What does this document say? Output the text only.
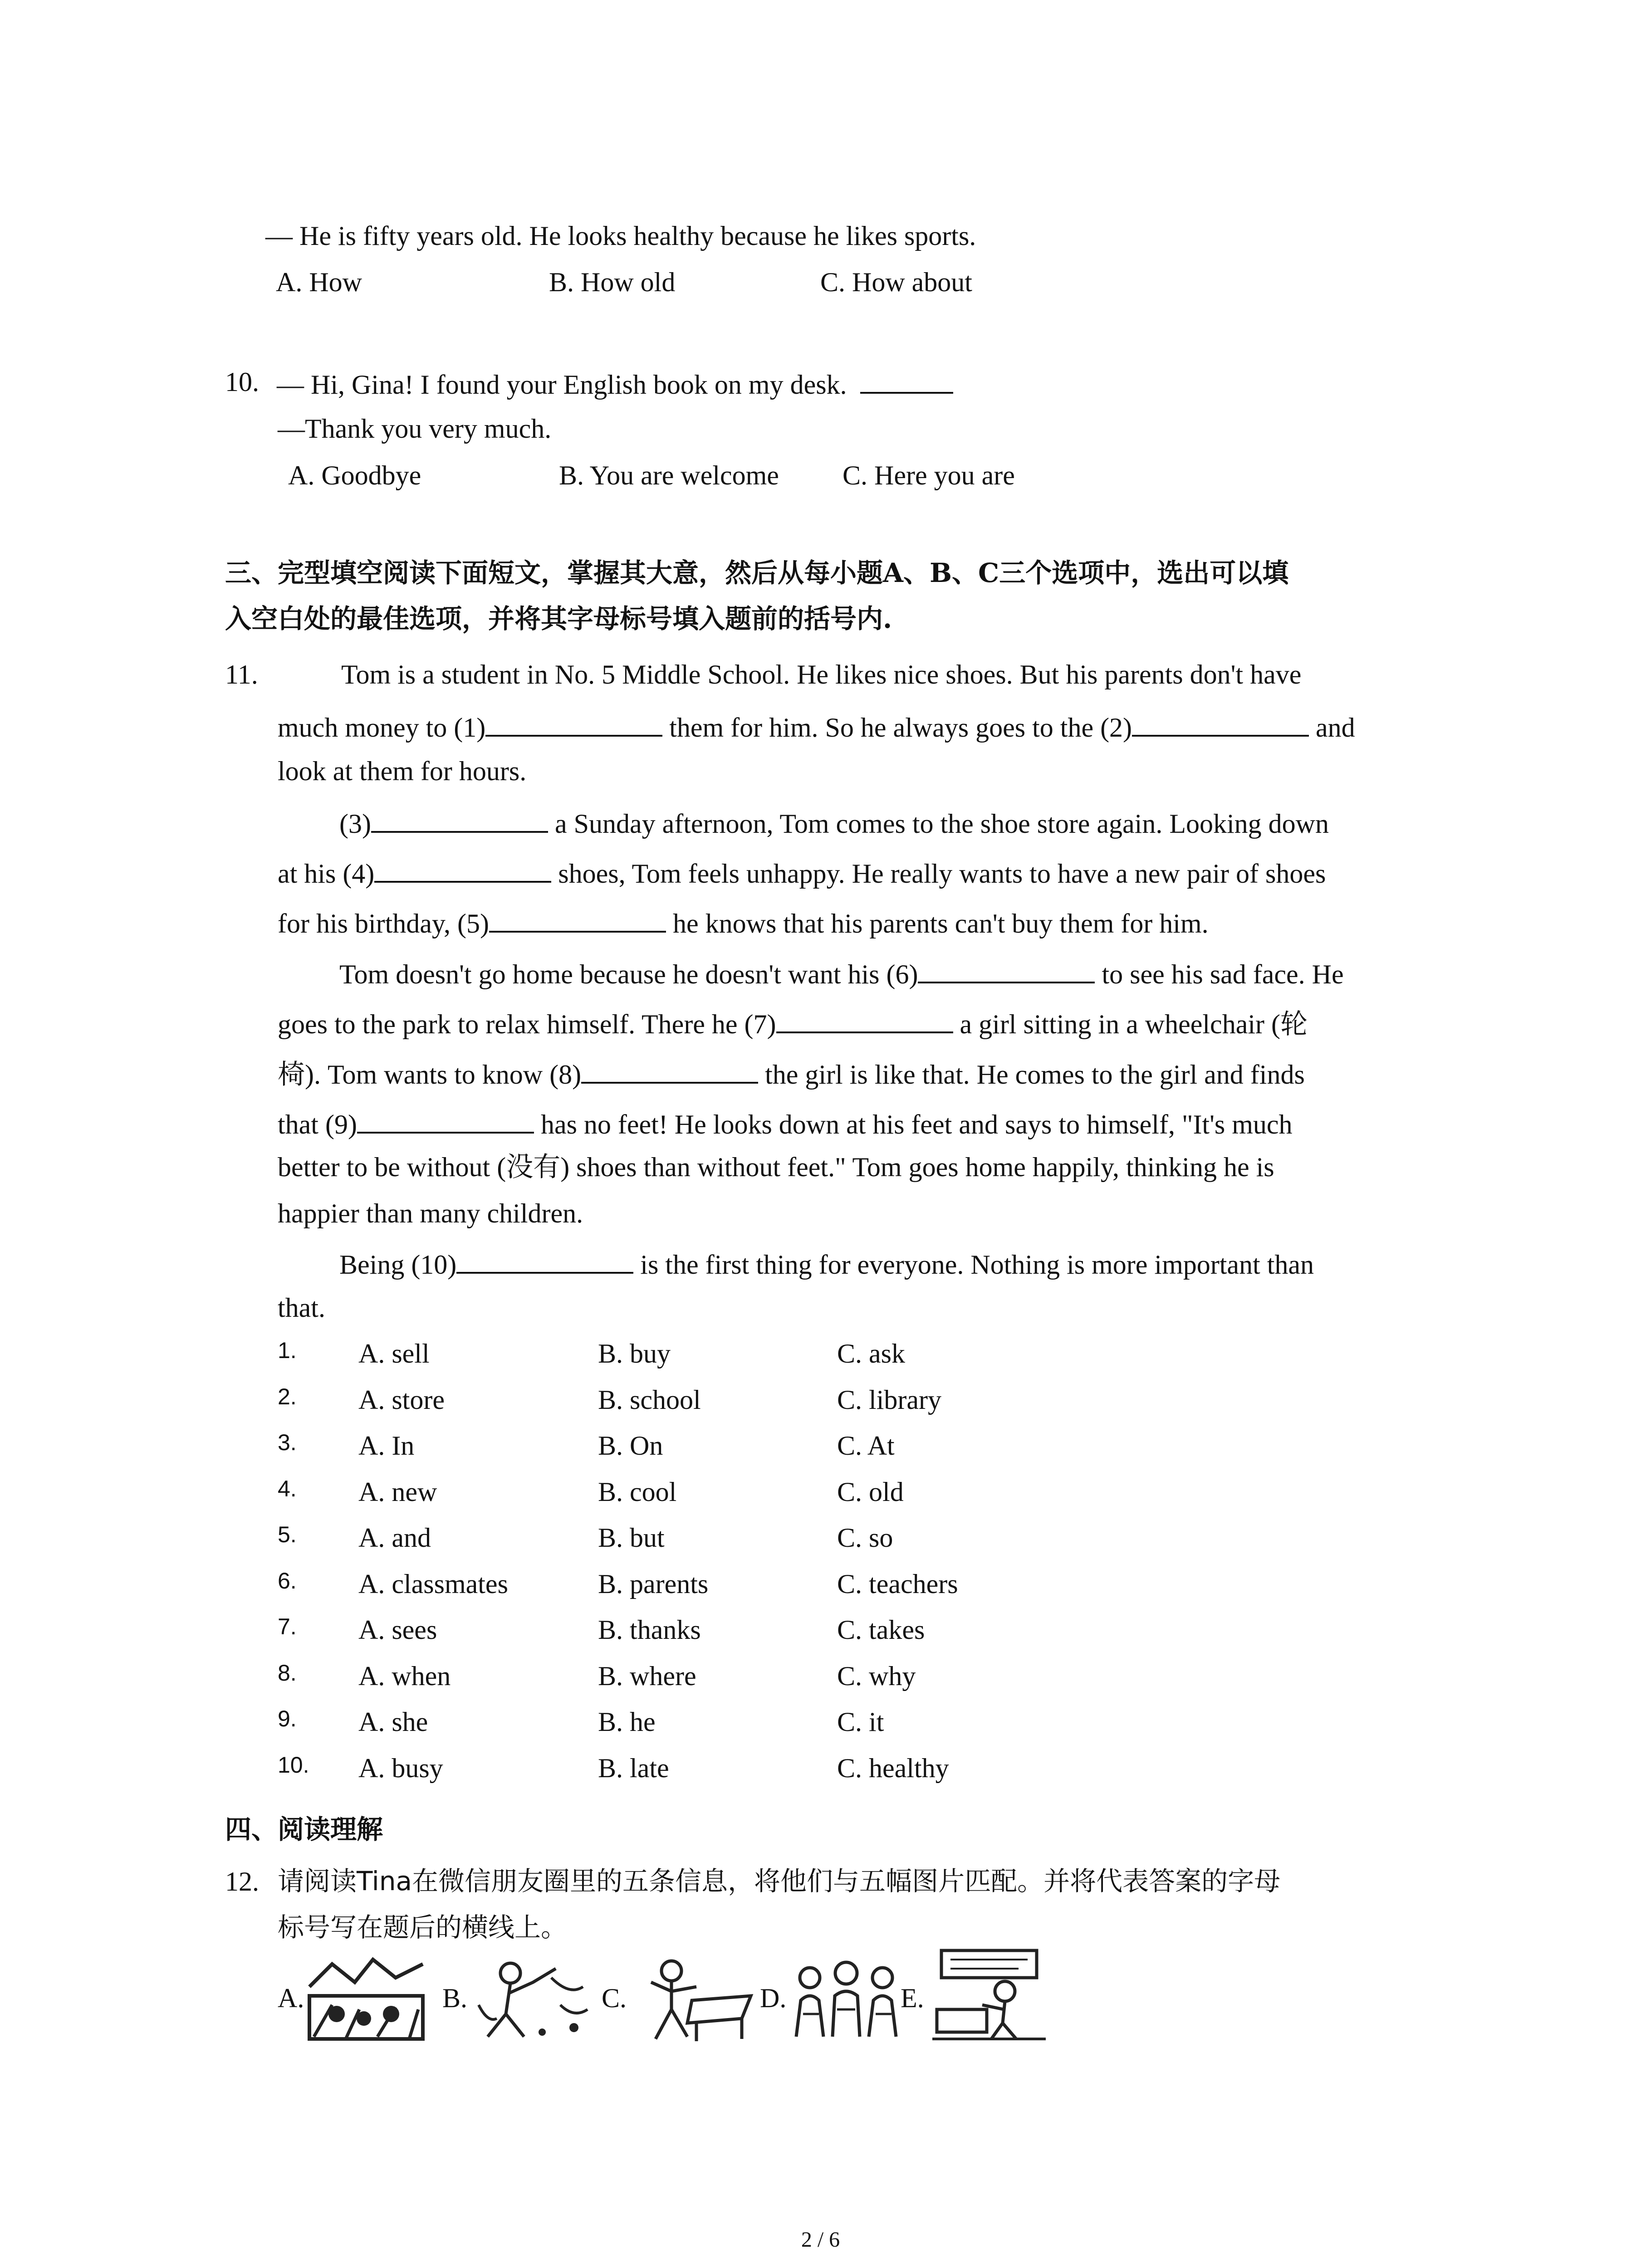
— He is fifty years old. He looks healthy because he likes sports.
A. How	B. How old	C. How about
10. — Hi, Gina! I found your English book on my desk.
—Thank you very much.
A. Goodbye	B. You are welcome C. Here you are
三、完型填空阅读下面短文，掌握其大意，然后从每小题A、B、C三个选项中，选出可以填
入空白处的最佳选项，并将其字母标号填入题前的括号内.
11.	Tom is a student in No. 5 Middle School. He likes nice shoes. But his parents don't have
much money to (1)	them for him. So he always goes to the (2)	and
look at them for hours.
(3)	a Sunday afternoon, Tom comes to the shoe store again. Looking down
at his (4)	shoes, Tom feels unhappy. He really wants to have a new pair of shoes
for his birthday, (5)	he knows that his parents can't buy them for him.
Tom doesn't go home because he doesn't want his (6)	to see his sad face. He
goes to the park to relax himself. There he (7)	a girl sitting in a wheelchair (轮
椅). Tom wants to know (8)	the girl is like that. He comes to the girl and finds
that (9)	has no feet! He looks down at his feet and says to himself, "It's much
better to be without (没有) shoes than without feet." Tom goes home happily, thinking he is
happier than many children.
Being (10)	is the first thing for everyone. Nothing is more important than
that.
1. A. sell	B. buy	C. ask
2. A. store	B. school	C. library
3. A. In	B. On	C. At
4. A. new	B. cool	C. old
5. A. and	B. but	C. so
6. A. classmates	B. parents	C. teachers
7. A. sees	B. thanks	C. takes
8. A. when	B. where	C. why
9. A. she	B. he	C. it
10. A. busy	B. late	C. healthy
四、阅读理解
12. 请阅读Tina在微信朋友圈里的五条信息，将他们与五幅图片匹配。并将代表答案的字母
标号写在题后的横线上。
A.	B.	C.	D.	E.
2 / 6
